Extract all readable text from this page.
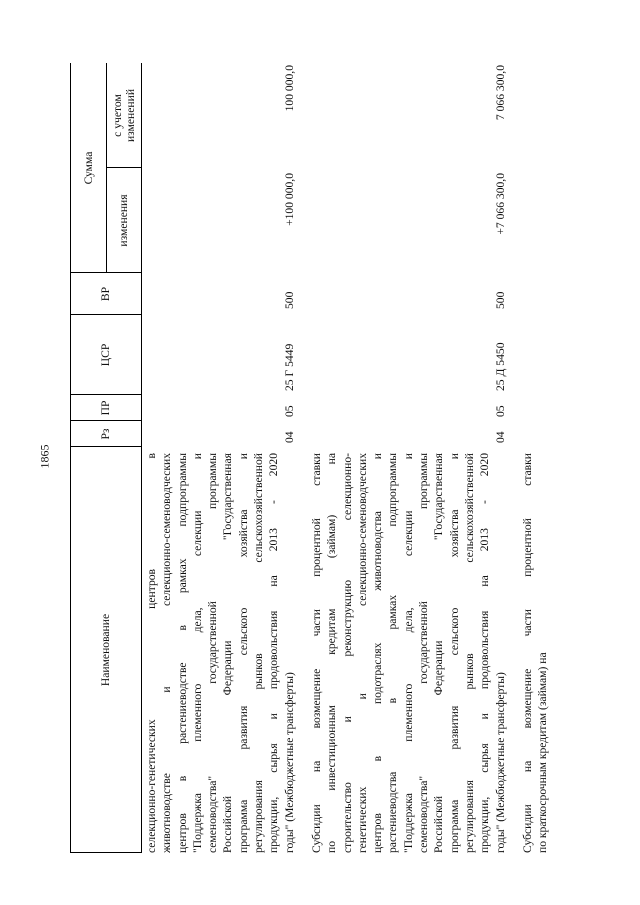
1865
Наименование
Рз
ПР
ЦСР
ВР
Сумма
изменения
с учетом изменений
селекционно-генетических центров в животноводстве и селекционно-семеноводческих центров в растениеводстве в рамках подпрограммы "Поддержка племенного дела, селекции и семеноводства" государственной программы Российской Федерации "Государственная программа развития сельского хозяйства и регулирования рынков сельскохозяйственной продукции, сырья и продовольствия на 2013 - 2020 годы" (Межбюджетные трансферты)
04
05
25 Г 5449
500
+100 000,0
100 000,0
Субсидии на возмещение части процентной ставки по инвестиционным кредитам (займам) на строительство и реконструкцию селекционно- генетических и селекционно-семеноводческих центров в подотраслях животноводства и растениеводства в рамках подпрограммы "Поддержка племенного дела, селекции и семеноводства" государственной программы Российской Федерации "Государственная программа развития сельского хозяйства и регулирования рынков сельскохозяйственной продукции, сырья и продовольствия на 2013 - 2020 годы" (Межбюджетные трансферты)
04
05
25 Д 5450
500
+7 066 300,0
7 066 300,0
Субсидии на возмещение части процентной ставки по краткосрочным кредитам (займам) на
